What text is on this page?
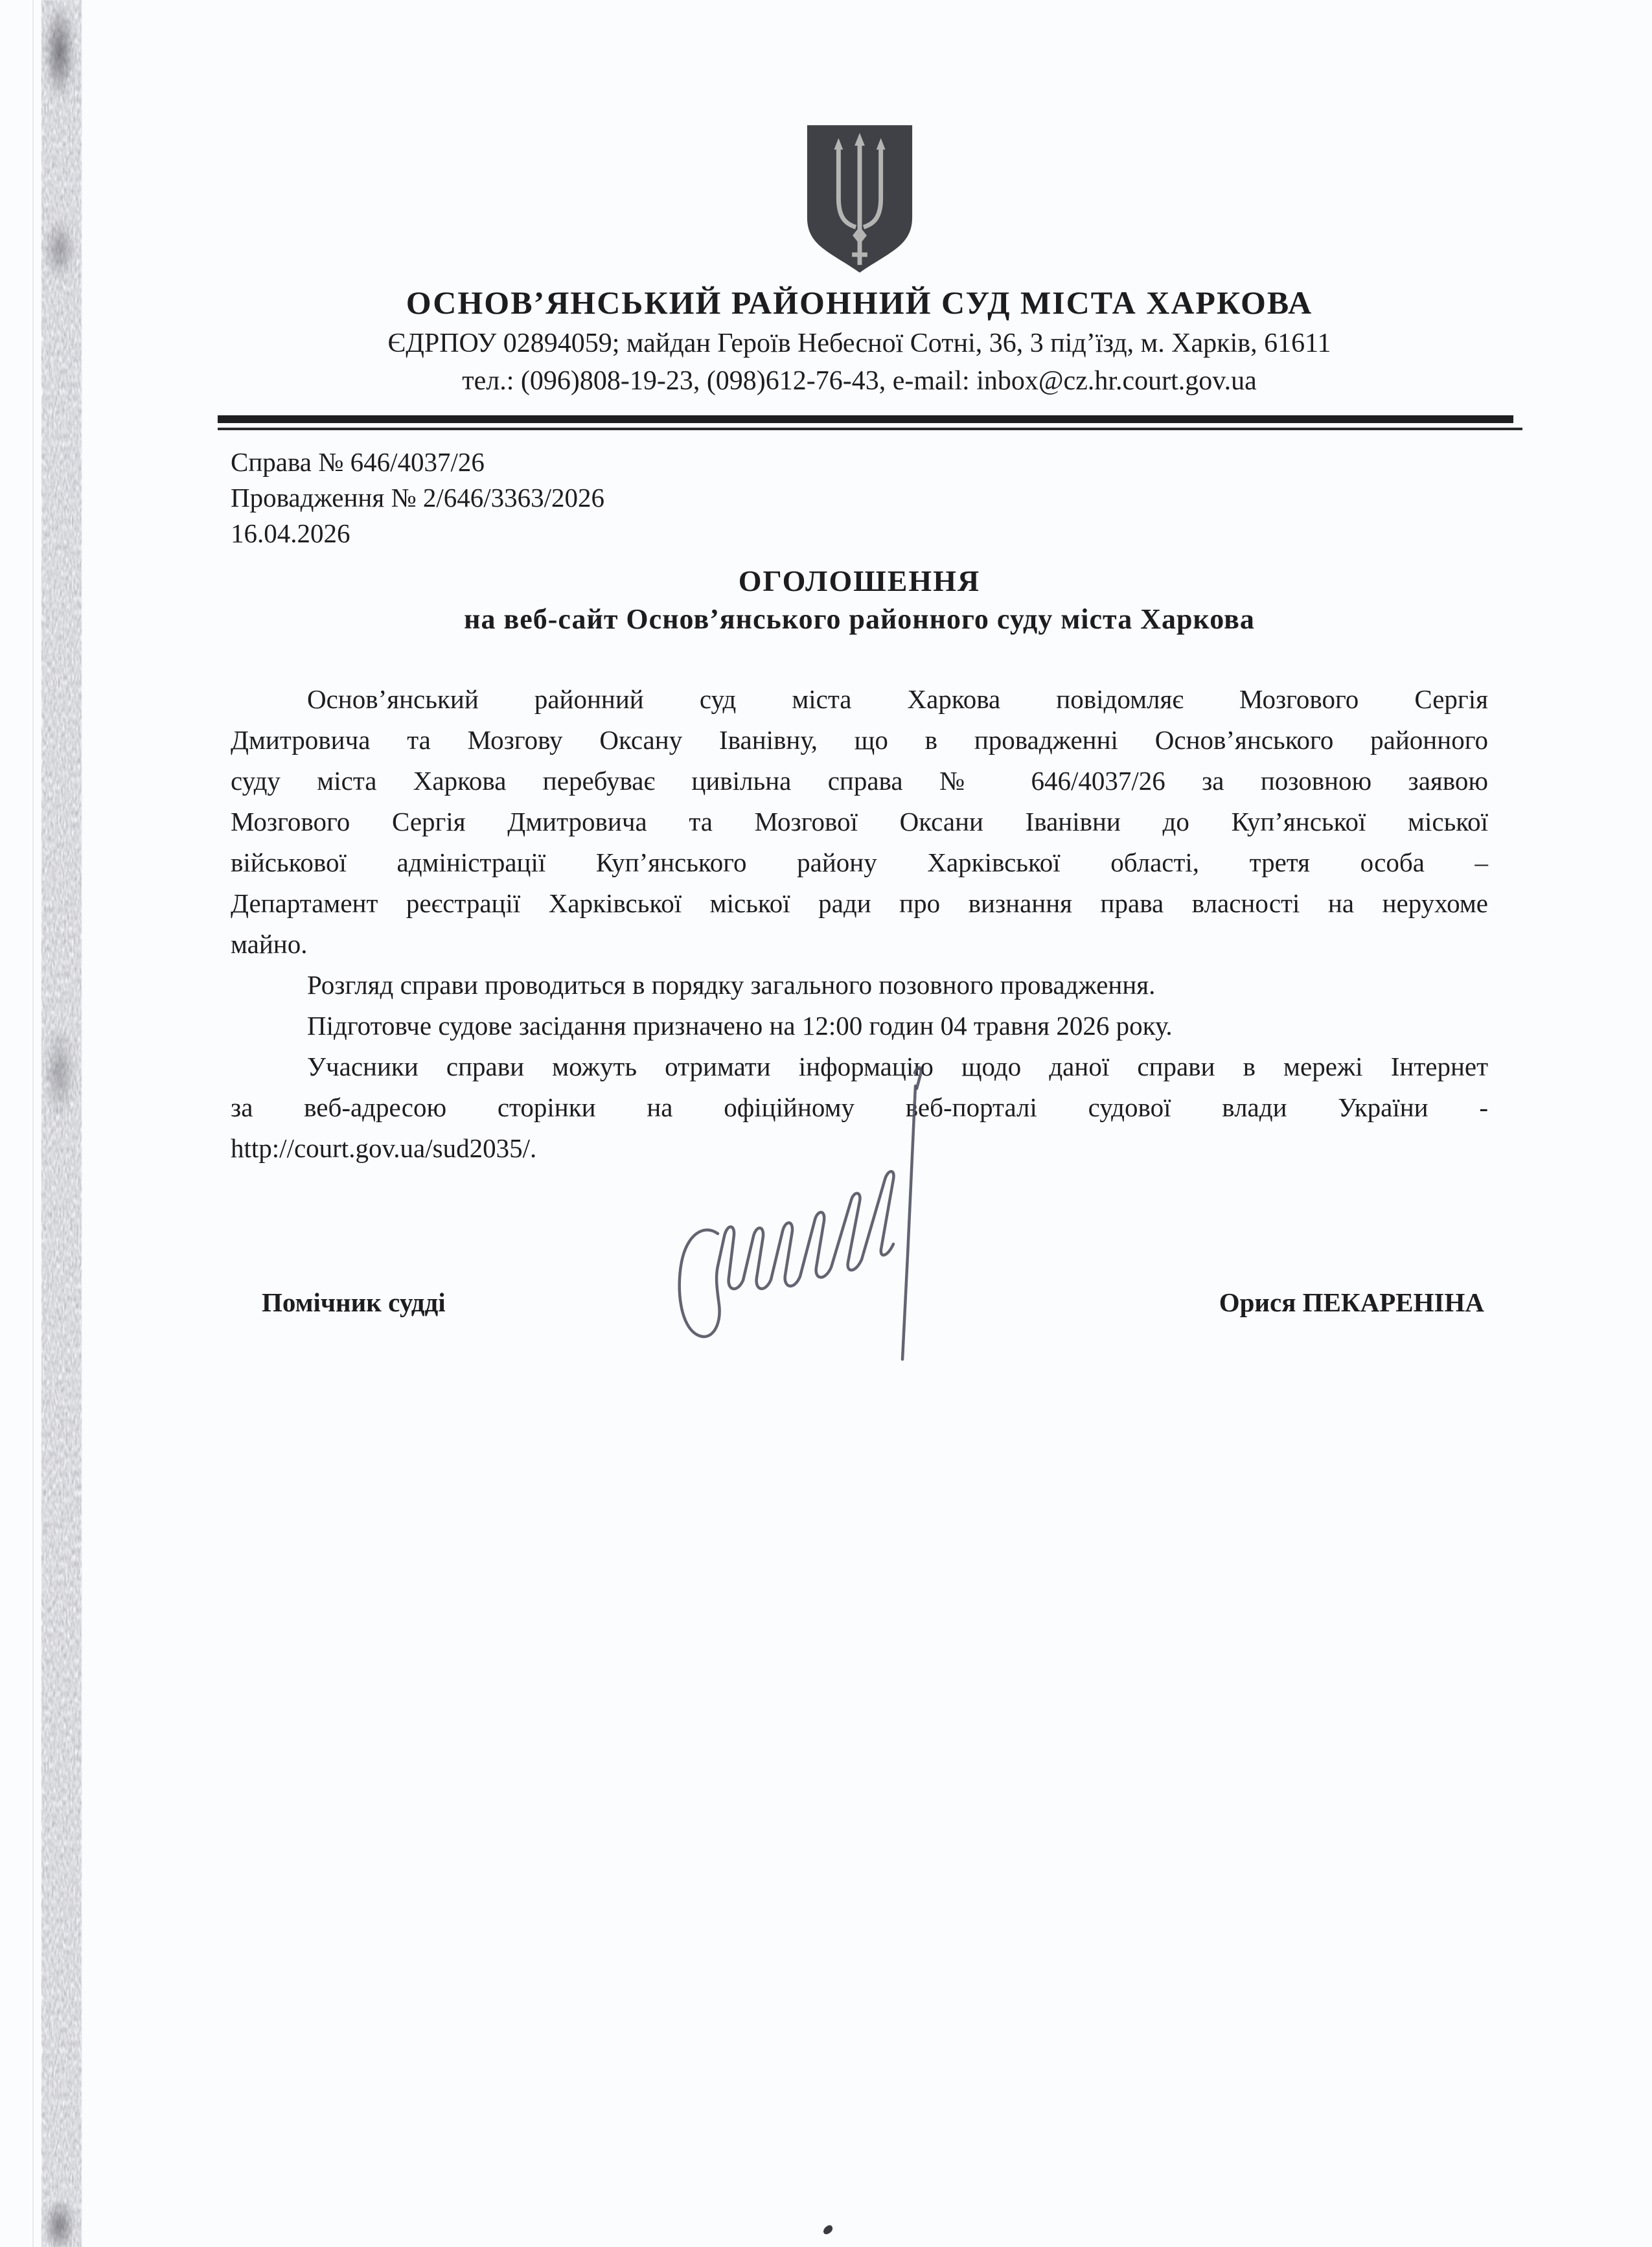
ОСНОВ’ЯНСЬКИЙ РАЙОННИЙ СУД МІСТА ХАРКОВА
ЄДРПОУ 02894059; майдан Героїв Небесної Сотні, 36, 3 під’їзд, м. Харків, 61611
тел.: (096)808-19-23, (098)612-76-43, e-mail: inbox@cz.hr.court.gov.ua
Справа № 646/4037/26
Провадження № 2/646/3363/2026
16.04.2026
ОГОЛОШЕННЯ
на веб-сайт Основ’янського районного суду міста Харкова
Основ’янський районний суд міста Харкова повідомляє Мозгового Сергія
Дмитровича та Мозгову Оксану Іванівну, що в провадженні Основ’янського районного
суду міста Харкова перебуває цивільна справа № 646/4037/26 за позовною заявою
Мозгового Сергія Дмитровича та Мозгової Оксани Іванівни до Куп’янської міської
військової адміністрації Куп’янського району Харківської області, третя особа –
Департамент реєстрації Харківської міської ради про визнання права власності на нерухоме
майно.
Розгляд справи проводиться в порядку загального позовного провадження.
Підготовче судове засідання призначено на 12:00 годин 04 травня 2026 року.
Учасники справи можуть отримати інформацію щодо даної справи в мережі Інтернет
за веб-адресою сторінки на офіційному веб-порталі судової влади України -
http://court.gov.ua/sud2035/.
Помічник судді	Орися ПЕКАРЕНІНА
